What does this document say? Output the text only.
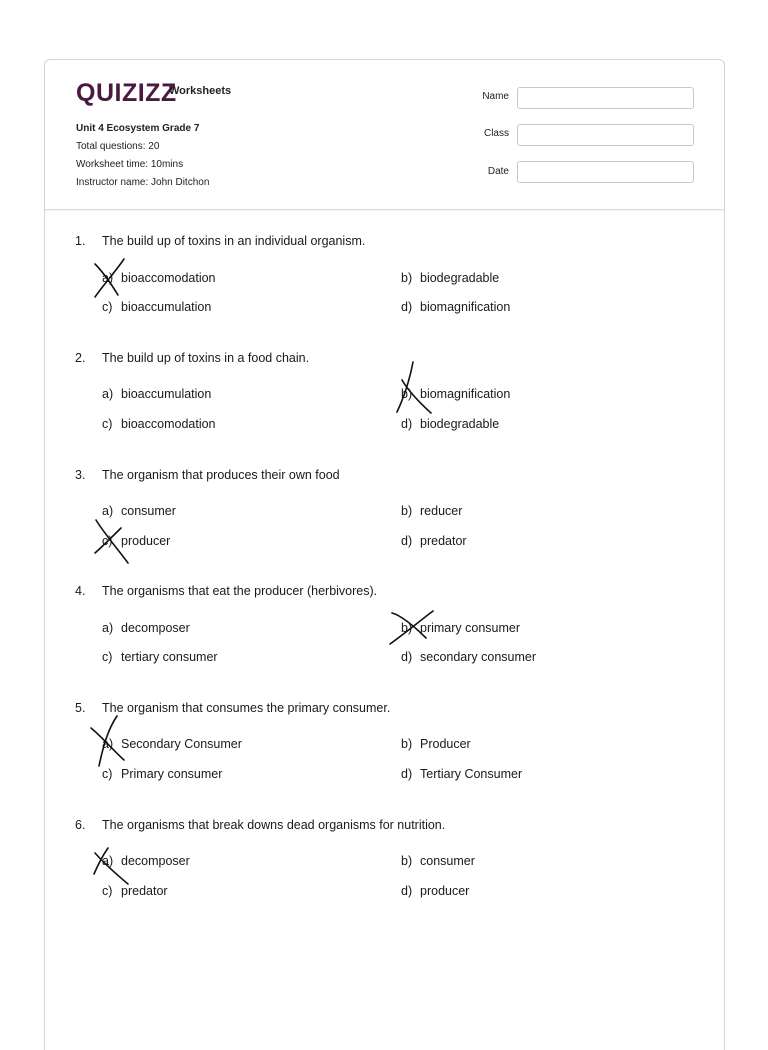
QUIZIZZ
Worksheets
Unit 4 Ecosystem Grade 7
Total questions: 20
Worksheet time: 10mins
Instructor name: John Ditchon
Name
Class
Date
1. The build up of toxins in an individual organism.
a) bioaccomodation	b) biodegradable
c) bioaccumulation	d) biomagnification
2. The build up of toxins in a food chain.
a) bioaccumulation	b) biomagnification
c) bioaccomodation	d) biodegradable
3. The organism that produces their own food
a) consumer	b) reducer
c) producer	d) predator
4. The organisms that eat the producer (herbivores).
a) decomposer	b) primary consumer
c) tertiary consumer	d) secondary consumer
5. The organism that consumes the primary consumer.
a) Secondary Consumer	b) Producer
c) Primary consumer	d) Tertiary Consumer
6. The organisms that break downs dead organisms for nutrition.
a) decomposer	b) consumer
c) predator	d) producer
